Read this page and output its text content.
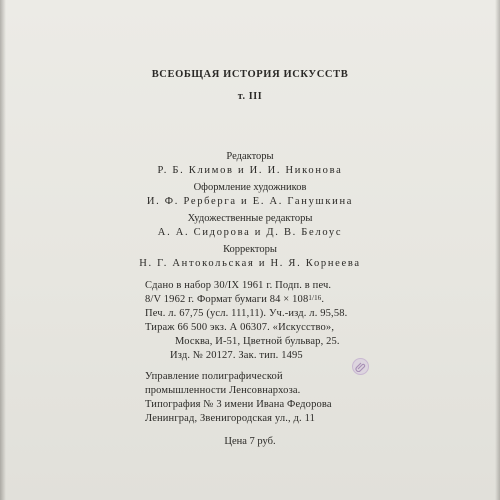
ВСЕОБЩАЯ ИСТОРИЯ ИСКУССТВ

т. III

Редакторы

Р. Б. Климов и И. И. Никонова

Оформление художников

И. Ф. Рерберга и Е. А. Ганушкина

Художественные редакторы

А. А. Сидорова и Д. В. Белоус

Корректоры

Н. Г. Антокольская и Н. Я. Корнеева

Сдано в набор 30/IX 1961 г. Подп. в печ.

8/V 1962 г. Формат бумаги 84 × 1081/16.

Печ. л. 67,75 (усл. 111,11). Уч.-изд. л. 95,58.

Тираж 66 500 экз. А 06307. «Искусство»,

Москва, И-51, Цветной бульвар, 25.

Изд. № 20127. Зак. тип. 1495

Управление полиграфической

промышленности Ленсовнархоза.

Типография № 3 имени Ивана Федорова

Ленинград, Звенигородская ул., д. 11

Цена 7 руб.
